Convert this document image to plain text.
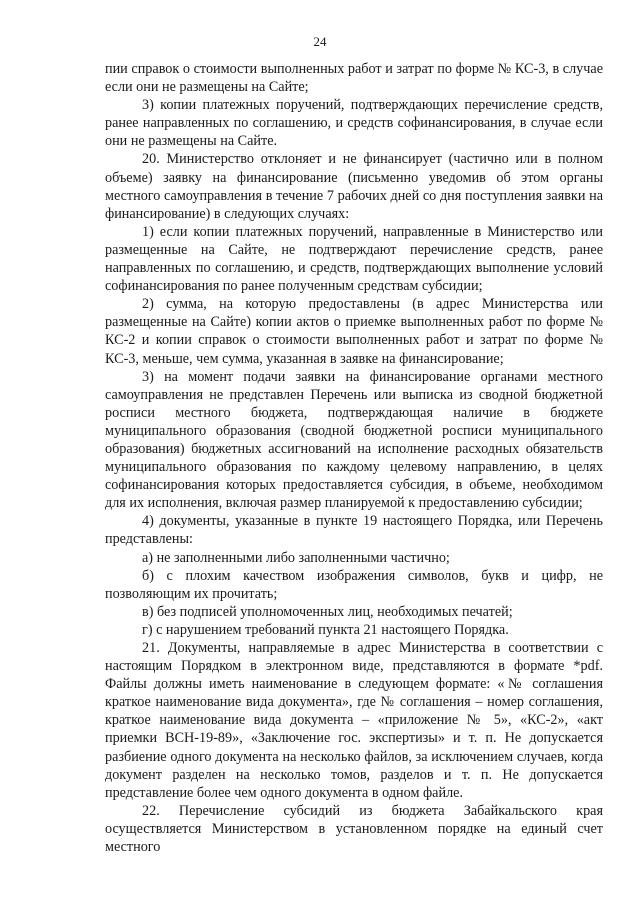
24

пии справок о стоимости выполненных работ и затрат по форме № КС-3, в случае если они не размещены на Сайте;

3) копии платежных поручений, подтверждающих перечисление средств, ранее направленных по соглашению, и средств софинансирования, в случае если они не размещены на Сайте.

20. Министерство отклоняет и не финансирует (частично или в полном объеме) заявку на финансирование (письменно уведомив об этом органы местного самоуправления в течение 7 рабочих дней со дня поступления заявки на финансирование) в следующих случаях:

1) если копии платежных поручений, направленные в Министерство или размещенные на Сайте, не подтверждают перечисление средств, ранее направленных по соглашению, и средств, подтверждающих выполнение условий софинансирования по ранее полученным средствам субсидии;

2) сумма, на которую предоставлены (в адрес Министерства или размещенные на Сайте) копии актов о приемке выполненных работ по форме № КС-2 и копии справок о стоимости выполненных работ и затрат по форме № КС-3, меньше, чем сумма, указанная в заявке на финансирование;

3) на момент подачи заявки на финансирование органами местного самоуправления не представлен Перечень или выписка из сводной бюджетной росписи местного бюджета, подтверждающая наличие в бюджете муниципального образования (сводной бюджетной росписи муниципального образования) бюджетных ассигнований на исполнение расходных обязательств муниципального образования по каждому целевому направлению, в целях софинансирования которых предоставляется субсидия, в объеме, необходимом для их исполнения, включая размер планируемой к предоставлению субсидии;

4) документы, указанные в пункте 19 настоящего Порядка, или Перечень представлены:

а) не заполненными либо заполненными частично;

б) с плохим качеством изображения символов, букв и цифр, не позволяющим их прочитать;

в) без подписей уполномоченных лиц, необходимых печатей;

г) с нарушением требований пункта 21 настоящего Порядка.

21. Документы, направляемые в адрес Министерства в соответствии с настоящим Порядком в электронном виде, представляются в формате *pdf. Файлы должны иметь наименование в следующем формате: «№ соглашения краткое наименование вида документа», где № соглашения – номер соглашения, краткое наименование вида документа – «приложение № 5», «КС-2», «акт приемки ВСН-19-89», «Заключение гос. экспертизы» и т. п. Не допускается разбиение одного документа на несколько файлов, за исключением случаев, когда документ разделен на несколько томов, разделов и т. п. Не допускается представление более чем одного документа в одном файле.

22. Перечисление субсидий из бюджета Забайкальского края осуществляется Министерством в установленном порядке на единый счет местного
